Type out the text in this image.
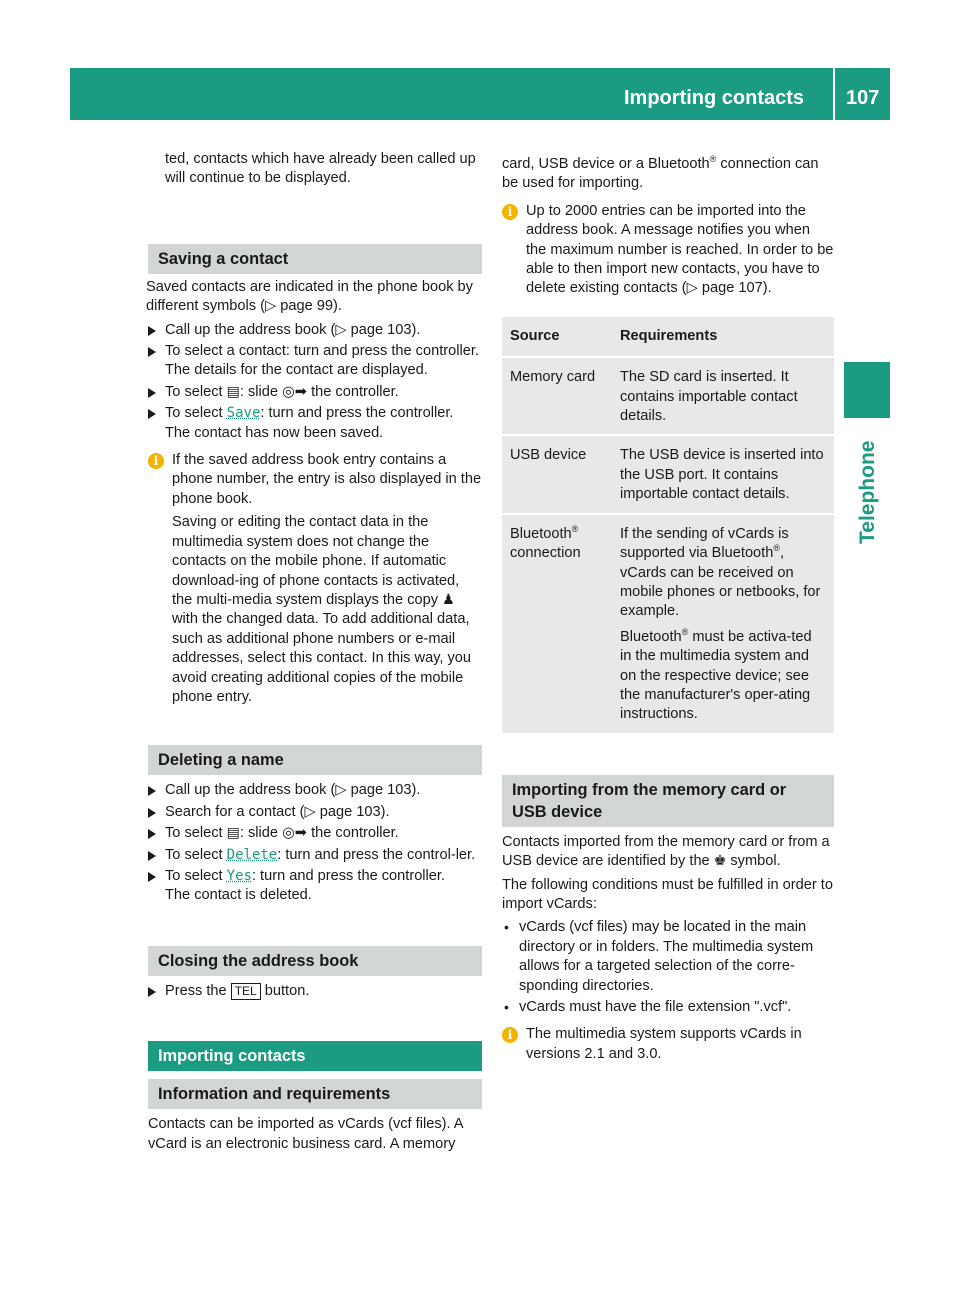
Importing contacts 107
Telephone

ted, contacts which have already been called up will continue to be displayed.

Saving a contact

Saved contacts are indicated in the phone book by different symbols (▷ page 99).

Call up the address book (▷ page 103).
To select a contact: turn and press the controller.
The details for the contact are displayed.
To select ▤: slide ◎➡ the controller.
To select Save: turn and press the controller.
The contact has now been saved.
i If the saved address book entry contains a phone number, the entry is also displayed in the phone book.

Saving or editing the contact data in the multimedia system does not change the contacts on the mobile phone. If automatic download-ing of phone contacts is activated, the multi-media system displays the copy ♟ with the changed data. To add additional data, such as additional phone numbers or e-mail addresses, select this contact. In this way, you avoid creating additional copies of the mobile phone entry.

Deleting a name
Call up the address book (▷ page 103).
Search for a contact (▷ page 103).
To select ▤: slide ◎➡ the controller.
To select Delete: turn and press the control-ler.
To select Yes: turn and press the controller.
The contact is deleted.
Closing the address book
Press the TEL button.
Importing contacts
Information and requirements

Contacts can be imported as vCards (vcf files). A vCard is an electronic business card. A memory

card, USB device or a Bluetooth® connection can be used for importing.

i Up to 2000 entries can be imported into the address book. A message notifies you when the maximum number is reached. In order to be able to then import new contacts, you have to delete existing contacts (▷ page 107).

Source	Requirements
Memory card	The SD card is inserted. It contains importable contact details.
USB device	The USB device is inserted into the USB port. It contains importable contact details.
Bluetooth® connection	If the sending of vCards is supported via Bluetooth®, vCards can be received on mobile phones or netbooks, for example.

Bluetooth® must be activa-ted in the multimedia system and on the respective device; see the manufacturer's oper-ating instructions.

Importing from the memory card or USB device

Contacts imported from the memory card or from a USB device are identified by the ♚ symbol.

The following conditions must be fulfilled in order to import vCards:

• vCards (vcf files) may be located in the main directory or in folders. The multimedia system allows for a targeted selection of the corre-sponding directories.
• vCards must have the file extension ".vcf".
i The multimedia system supports vCards in versions 2.1 and 3.0.
